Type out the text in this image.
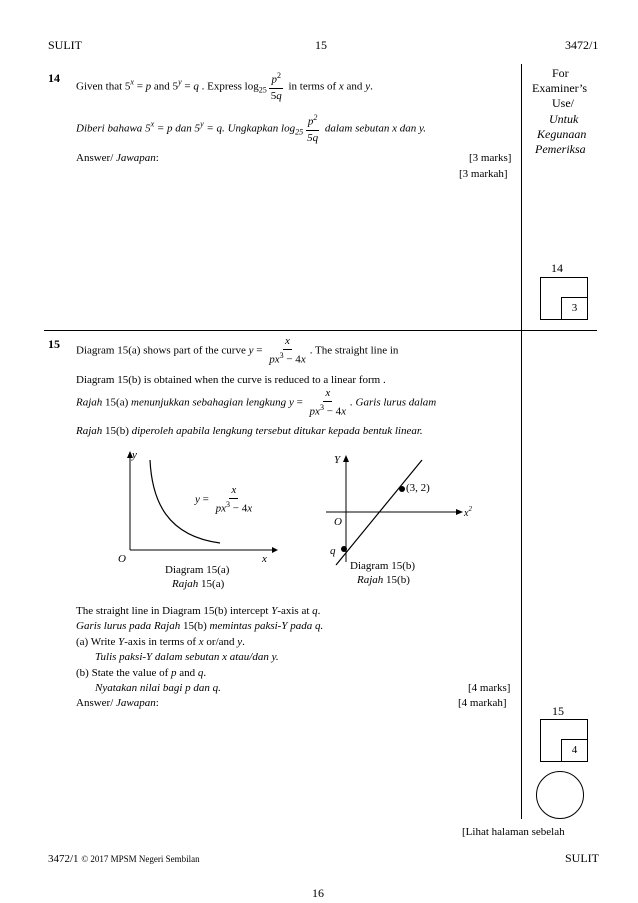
SULIT	15	3472/1
For
Examiner’s
Use/
Untuk
Kegunaan
Pemeriksa
14
Given that $5^x = p$ and $5^y = q$ . Express $\log_{25} \frac{p^2}{5q}$ in terms of x and y.
Diberi bahawa $5^x = p$ dan $5^y = q$. Ungkapkan $\log_{25} \frac{p^2}{5q}$ dalam sebutan x dan y.
Answer/ Jawapan:	[3 marks]
[3 markah]
14
3
15 Diagram 15(a) shows part of the curve $y = \frac{x}{px^3 - 4x}$ . The straight line in
Diagram 15(b) is obtained when the curve is reduced to a linear form .
Rajah 15(a) menunjukkan sebahagian lengkung $y = \frac{x}{px^3 - 4x}$ . Garis lurus dalam
Rajah 15(b) diperoleh apabila lengkung tersebut ditukar kepada bentuk linear.
y
x
O
$y = \frac{x}{px^3 - 4x}$
Diagram 15(a)
Rajah 15(a)
Y
$x^2$
O
q
(3, 2)
Diagram 15(b)
Rajah 15(b)
The straight line in Diagram 15(b) intercept Y-axis at q.
Garis lurus pada Rajah 15(b) memintas paksi-Y pada q.
(a) Write Y-axis in terms of x or/and y.
Tulis paksi-Y dalam sebutan x atau/dan y.
(b) State the value of p and q.
Nyatakan nilai bagi p dan q.	[4 marks]
Answer/ Jawapan:	[4 markah]
15
4
[Lihat halaman sebelah
3472/1 © 2017 MPSM Negeri Sembilan	SULIT
16
